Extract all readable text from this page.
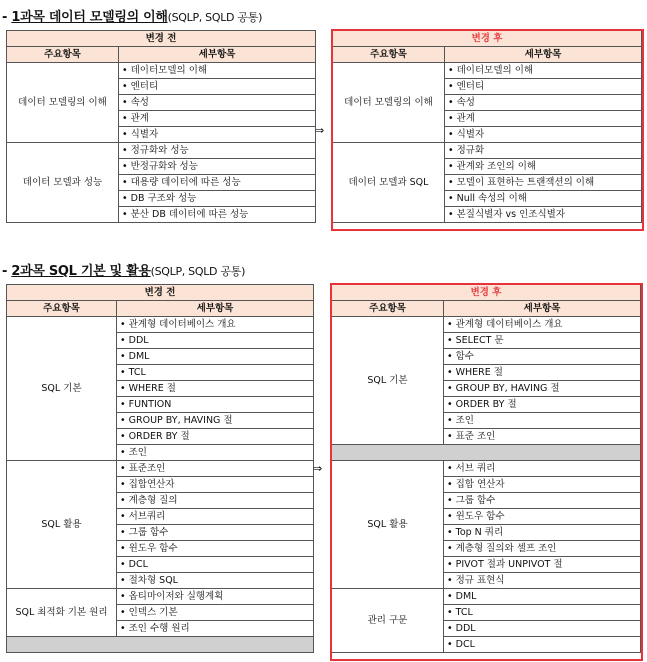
- 1과목 데이터 모델링의 이해(SQLP, SQLD 공통)
변경 전	
주요항목	세부항목
데이터 모델링의 이해	• 데이터모델의 이해
	• 엔터티
	• 속성
	• 관계
	• 식별자
데이터 모델과 성능	• 정규화와 성능
	• 반정규화와 성능
	• 대용량 데이터에 따른 성능
	• DB 구조와 성능
	• 분산 DB 데이터에 따른 성능
⇒
변경 후	
주요항목	세부항목
데이터 모델링의 이해	• 데이터모델의 이해
	• 엔터티
	• 속성
	• 관계
	• 식별자
데이터 모델과 SQL	• 정규화
	• 관계와 조인의 이해
	• 모델이 표현하는 트랜잭션의 이해
	• Null 속성의 이해
	• 본질식별자 vs 인조식별자
- 2과목 SQL 기본 및 활용(SQLP, SQLD 공통)
변경 전	
주요항목	세부항목
SQL 기본	• 관계형 데이터베이스 개요
	• DDL
	• DML
	• TCL
	• WHERE 절
	• FUNTION
	• GROUP BY, HAVING 절
	• ORDER BY 절
	• 조인
SQL 활용	• 표준조인
	• 집합연산자
	• 계층형 질의
	• 서브쿼리
	• 그룹 함수
	• 윈도우 함수
	• DCL
	• 절차형 SQL
SQL 최적화 기본 원리	• 옵티마이저와 실행계획
	• 인덱스 기본
	• 조인 수행 원리

⇒
변경 후	
주요항목	세부항목
SQL 기본	• 관계형 데이터베이스 개요
	• SELECT 문
	• 함수
	• WHERE 절
	• GROUP BY, HAVING 절
	• ORDER BY 절
	• 조인
	• 표준 조인

SQL 활용	• 서브 쿼리
	• 집합 연산자
	• 그룹 함수
	• 윈도우 함수
	• Top N 쿼리
	• 계층형 질의와 셀프 조인
	• PIVOT 절과 UNPIVOT 절
	• 정규 표현식
관리 구문	• DML
	• TCL
	• DDL
	• DCL
